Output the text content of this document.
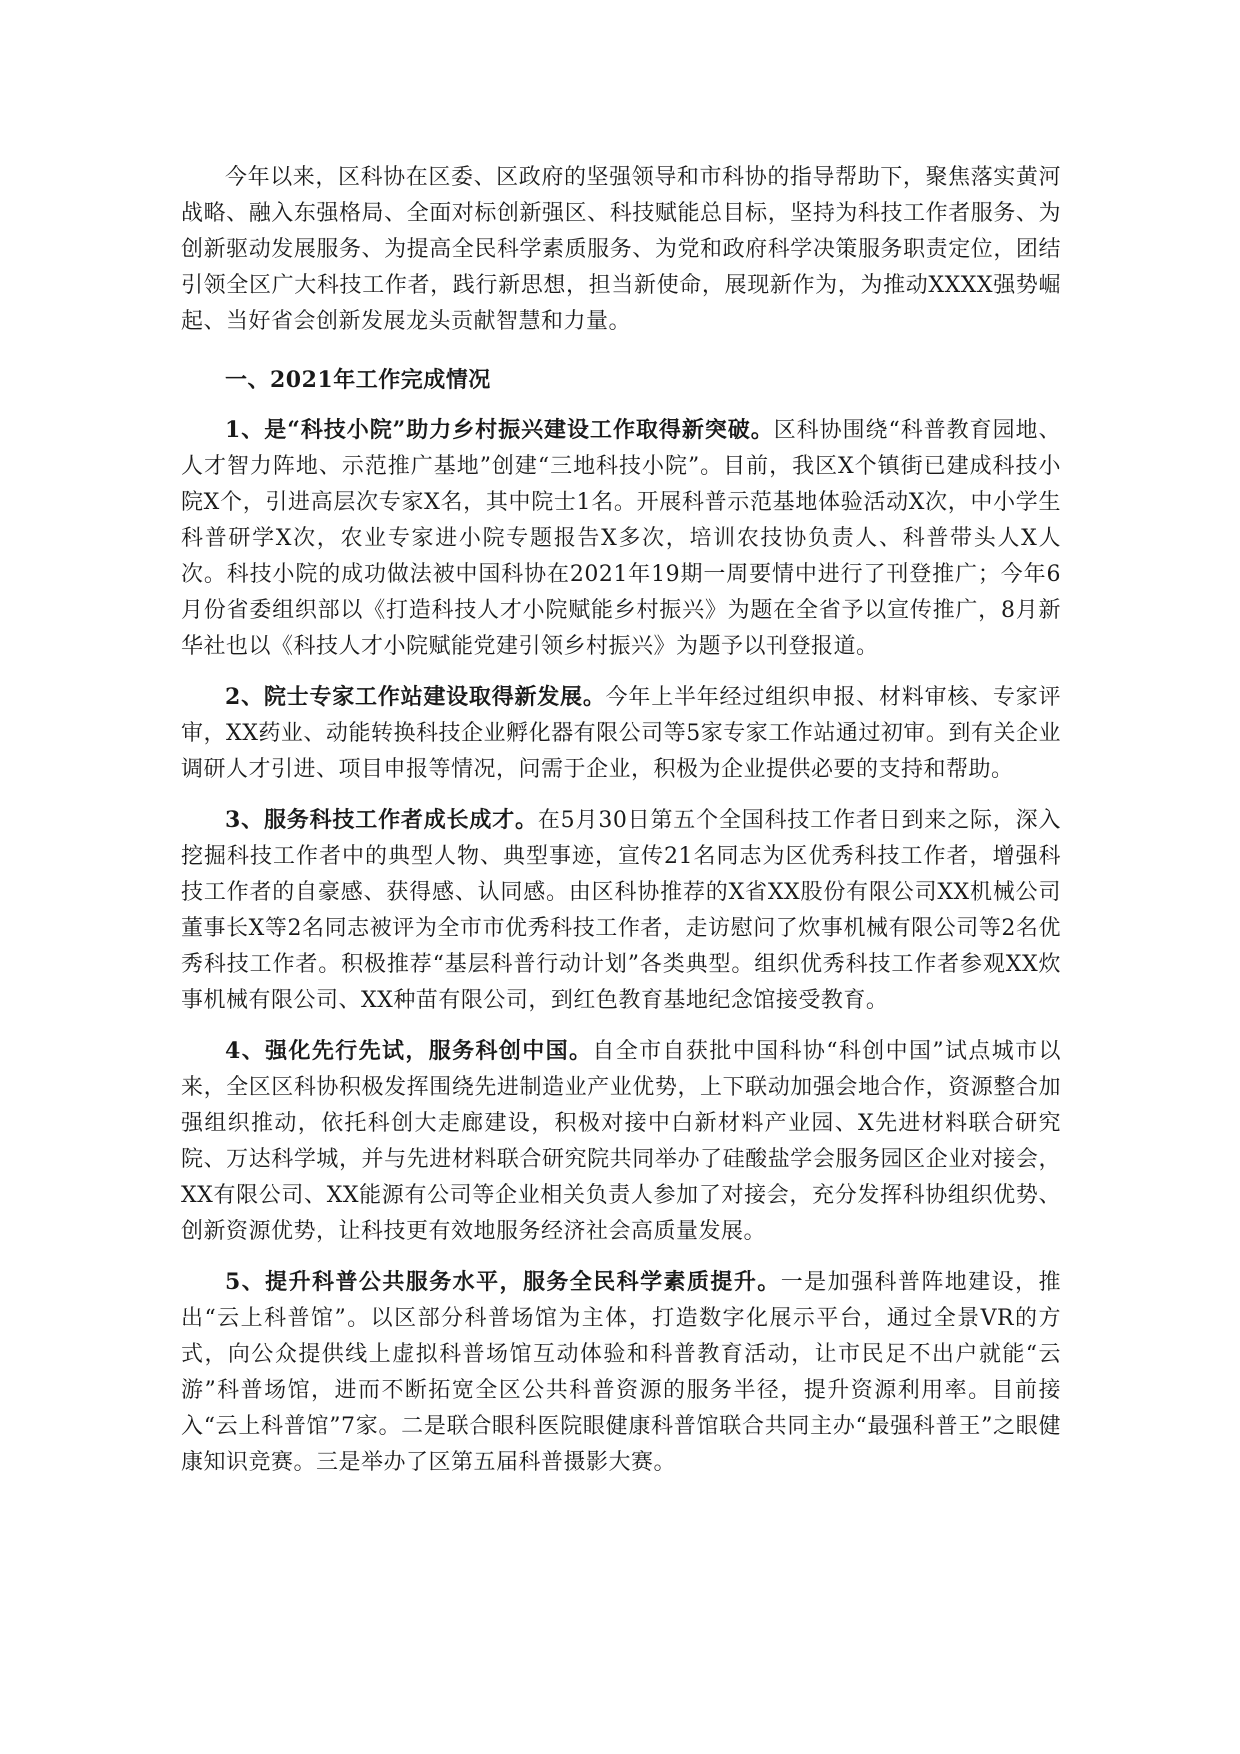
今年以来，区科协在区委、区政府的坚强领导和市科协的指导帮助下，聚焦落实黄河战略、融入东强格局、全面对标创新强区、科技赋能总目标，坚持为科技工作者服务、为创新驱动发展服务、为提高全民科学素质服务、为党和政府科学决策服务职责定位，团结引领全区广大科技工作者，践行新思想，担当新使命，展现新作为，为推动XXXX强势崛起、当好省会创新发展龙头贡献智慧和力量。

一、2021年工作完成情况

1、是“科技小院”助力乡村振兴建设工作取得新突破。区科协围绕“科普教育园地、人才智力阵地、示范推广基地”创建“三地科技小院”。目前，我区X个镇街已建成科技小院X个，引进高层次专家X名，其中院士1名。开展科普示范基地体验活动X次，中小学生科普研学X次，农业专家进小院专题报告X多次，培训农技协负责人、科普带头人X人次。科技小院的成功做法被中国科协在2021年19期一周要情中进行了刊登推广；今年6月份省委组织部以《打造科技人才小院赋能乡村振兴》为题在全省予以宣传推广，8月新华社也以《科技人才小院赋能党建引领乡村振兴》为题予以刊登报道。

2、院士专家工作站建设取得新发展。今年上半年经过组织申报、材料审核、专家评审，XX药业、动能转换科技企业孵化器有限公司等5家专家工作站通过初审。到有关企业调研人才引进、项目申报等情况，问需于企业，积极为企业提供必要的支持和帮助。

3、服务科技工作者成长成才。在5月30日第五个全国科技工作者日到来之际，深入挖掘科技工作者中的典型人物、典型事迹，宣传21名同志为区优秀科技工作者，增强科技工作者的自豪感、获得感、认同感。由区科协推荐的X省XX股份有限公司XX机械公司董事长X等2名同志被评为全市市优秀科技工作者，走访慰问了炊事机械有限公司等2名优秀科技工作者。积极推荐“基层科普行动计划”各类典型。组织优秀科技工作者参观XX炊事机械有限公司、XX种苗有限公司，到红色教育基地纪念馆接受教育。

4、强化先行先试，服务科创中国。自全市自获批中国科协“科创中国”试点城市以来，全区区科协积极发挥围绕先进制造业产业优势，上下联动加强会地合作，资源整合加强组织推动，依托科创大走廊建设，积极对接中白新材料产业园、X先进材料联合研究院、万达科学城，并与先进材料联合研究院共同举办了硅酸盐学会服务园区企业对接会，XX有限公司、XX能源有公司等企业相关负责人参加了对接会，充分发挥科协组织优势、创新资源优势，让科技更有效地服务经济社会高质量发展。

5、提升科普公共服务水平，服务全民科学素质提升。一是加强科普阵地建设，推出“云上科普馆”。以区部分科普场馆为主体，打造数字化展示平台，通过全景VR的方式，向公众提供线上虚拟科普场馆互动体验和科普教育活动，让市民足不出户就能“云游”科普场馆，进而不断拓宽全区公共科普资源的服务半径，提升资源利用率。目前接入“云上科普馆”7家。二是联合眼科医院眼健康科普馆联合共同主办“最强科普王”之眼健康知识竞赛。三是举办了区第五届科普摄影大赛。
